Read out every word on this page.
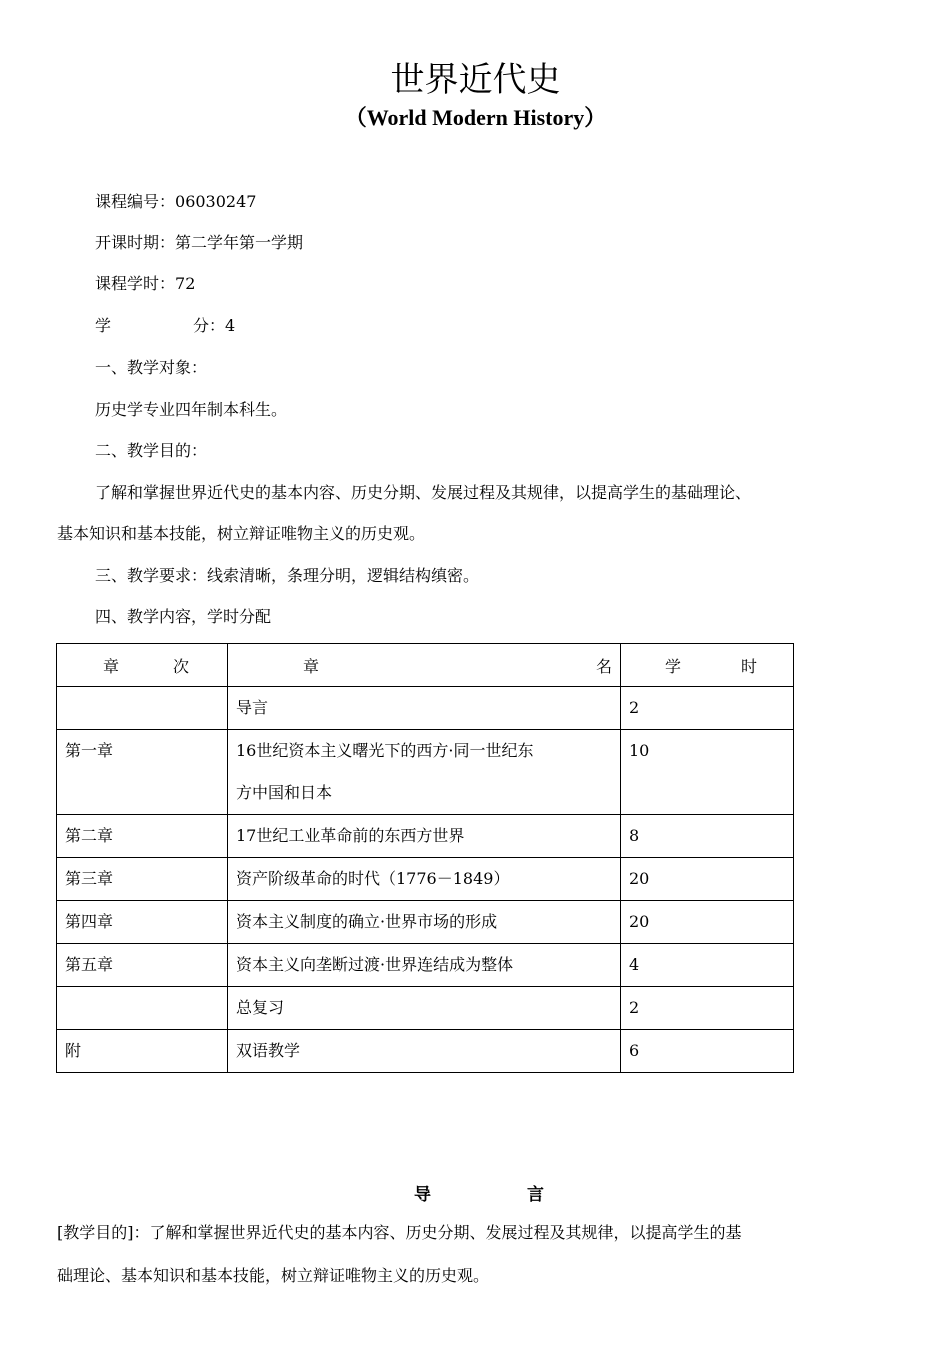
世界近代史
（World Modern History）
课程编号：06030247
开课时期：第二学年第一学期
课程学时：72
学	分：4
一、教学对象：
历史学专业四年制本科生。
二、教学目的：
了解和掌握世界近代史的基本内容、历史分期、发展过程及其规律，以提高学生的基础理论、
基本知识和基本技能，树立辩证唯物主义的历史观。
三、教学要求：线索清晰，条理分明，逻辑结构缜密。
四、教学内容，学时分配
章 次	章 名	学 时

	导言	2
第一章	16世纪资本主义曙光下的西方·同一世纪东
方中国和日本	10
第二章	17世纪工业革命前的东西方世界	8
第三章	资产阶级革命的时代（1776－1849）	20
第四章	资本主义制度的确立·世界市场的形成	20
第五章	资本主义向垄断过渡·世界连结成为整体	4
	总复习	2
附	双语教学	6
导	言
[教学目的]：了解和掌握世界近代史的基本内容、历史分期、发展过程及其规律，以提高学生的基
础理论、基本知识和基本技能，树立辩证唯物主义的历史观。
